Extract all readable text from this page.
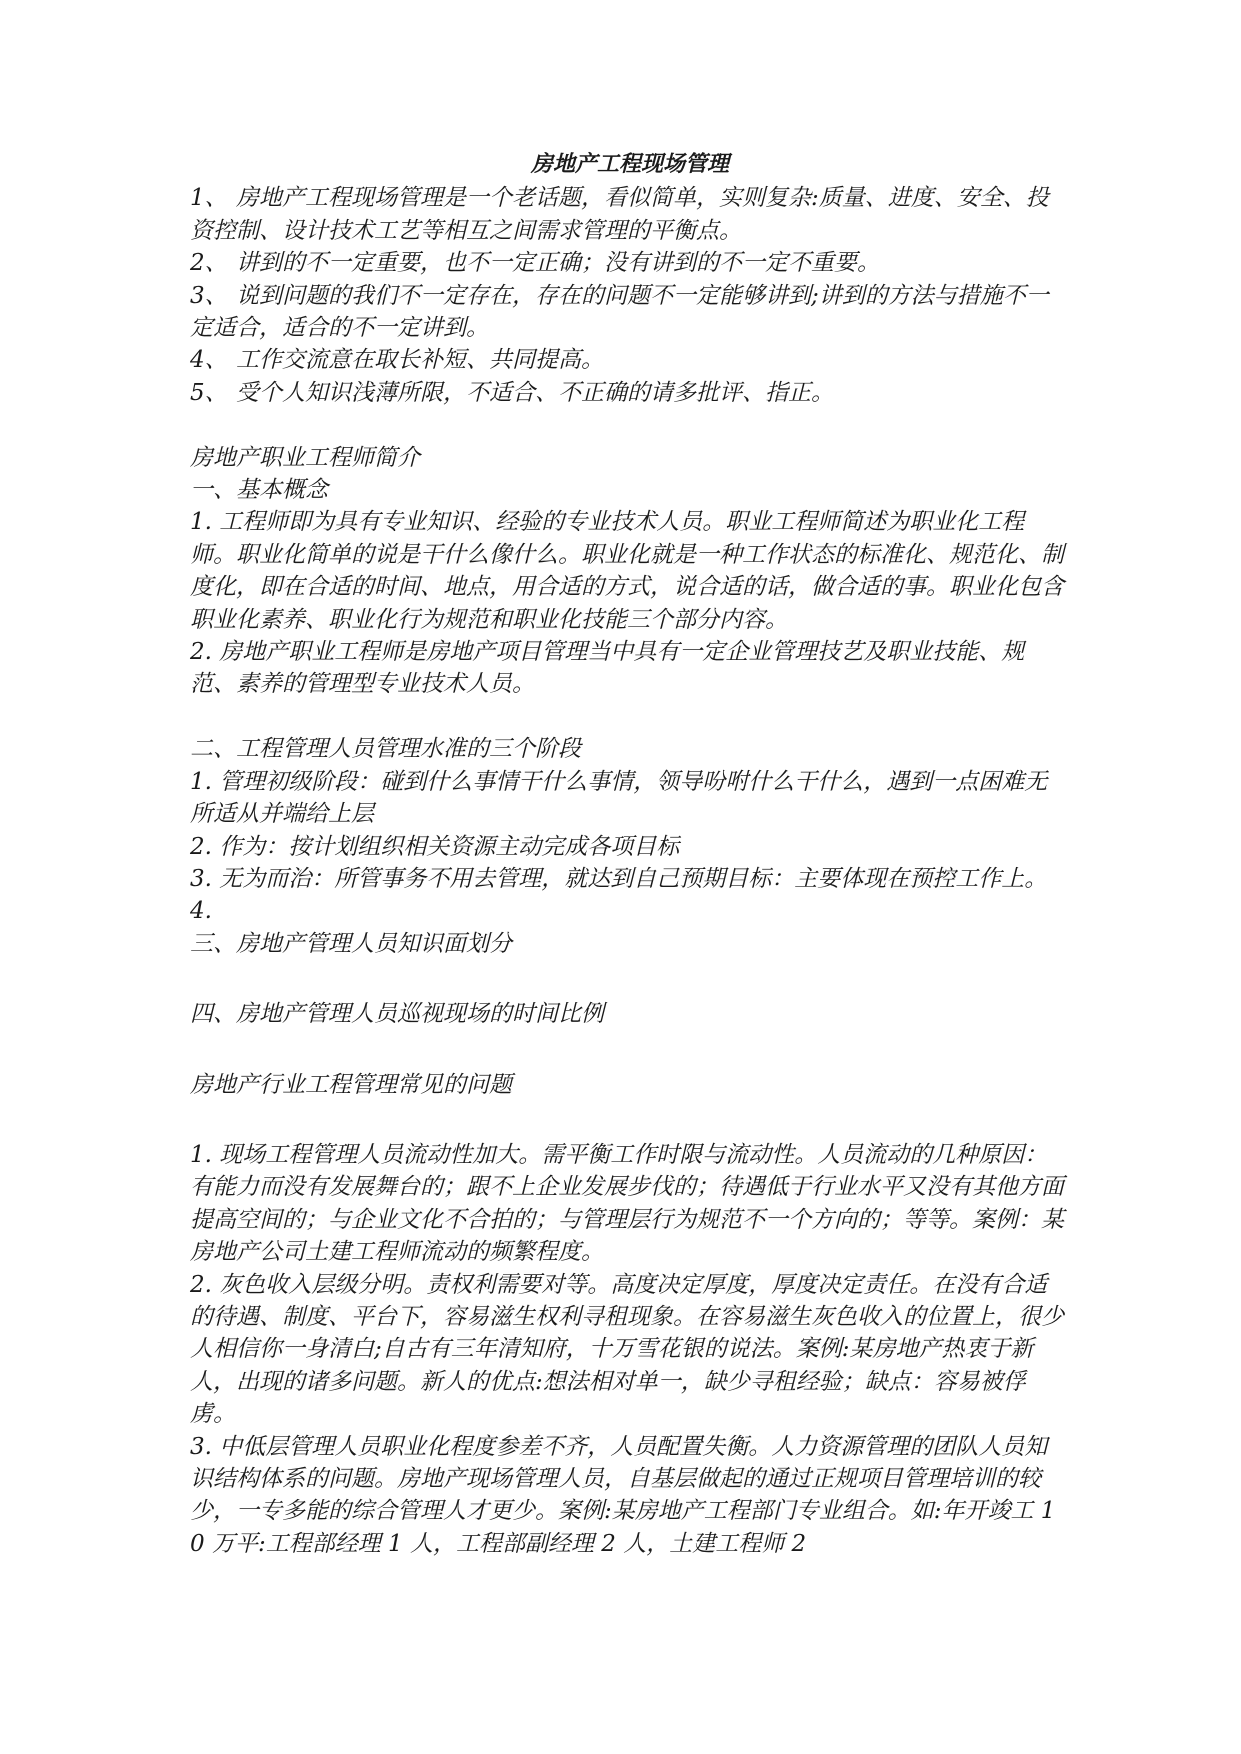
房地产工程现场管理

1、 房地产工程现场管理是一个老话题，看似简单，实则复杂:质量、进度、安全、投资控制、设计技术工艺等相互之间需求管理的平衡点。

2、 讲到的不一定重要，也不一定正确；没有讲到的不一定不重要。

3、 说到问题的我们不一定存在，存在的问题不一定能够讲到;讲到的方法与措施不一定适合，适合的不一定讲到。

4、 工作交流意在取长补短、共同提高。

5、 受个人知识浅薄所限，不适合、不正确的请多批评、指正。

房地产职业工程师简介

一、基本概念

1. 工程师即为具有专业知识、经验的专业技术人员。职业工程师简述为职业化工程师。职业化简单的说是干什么像什么。职业化就是一种工作状态的标准化、规范化、制度化，即在合适的时间、地点，用合适的方式，说合适的话，做合适的事。职业化包含职业化素养、职业化行为规范和职业化技能三个部分内容。

2. 房地产职业工程师是房地产项目管理当中具有一定企业管理技艺及职业技能、规范、素养的管理型专业技术人员。

二、工程管理人员管理水准的三个阶段

1. 管理初级阶段：碰到什么事情干什么事情，领导吩咐什么干什么，遇到一点困难无所适从并端给上层

2. 作为：按计划组织相关资源主动完成各项目标

3. 无为而治：所管事务不用去管理，就达到自己预期目标：主要体现在预控工作上。

4.

三、房地产管理人员知识面划分

四、房地产管理人员巡视现场的时间比例

房地产行业工程管理常见的问题

1. 现场工程管理人员流动性加大。需平衡工作时限与流动性。人员流动的几种原因：有能力而没有发展舞台的；跟不上企业发展步伐的；待遇低于行业水平又没有其他方面提高空间的；与企业文化不合拍的；与管理层行为规范不一个方向的；等等。案例：某房地产公司土建工程师流动的频繁程度。

2. 灰色收入层级分明。责权利需要对等。高度决定厚度，厚度决定责任。在没有合适的待遇、制度、平台下，容易滋生权利寻租现象。在容易滋生灰色收入的位置上，很少人相信你一身清白;自古有三年清知府，十万雪花银的说法。案例:某房地产热衷于新人，出现的诸多问题。新人的优点:想法相对单一，缺少寻租经验；缺点：容易被俘虏。

3. 中低层管理人员职业化程度参差不齐，人员配置失衡。人力资源管理的团队人员知识结构体系的问题。房地产现场管理人员，自基层做起的通过正规项目管理培训的较少，一专多能的综合管理人才更少。案例:某房地产工程部门专业组合。如:年开竣工 10 万平:工程部经理 1 人，工程部副经理 2 人，土建工程师 2
